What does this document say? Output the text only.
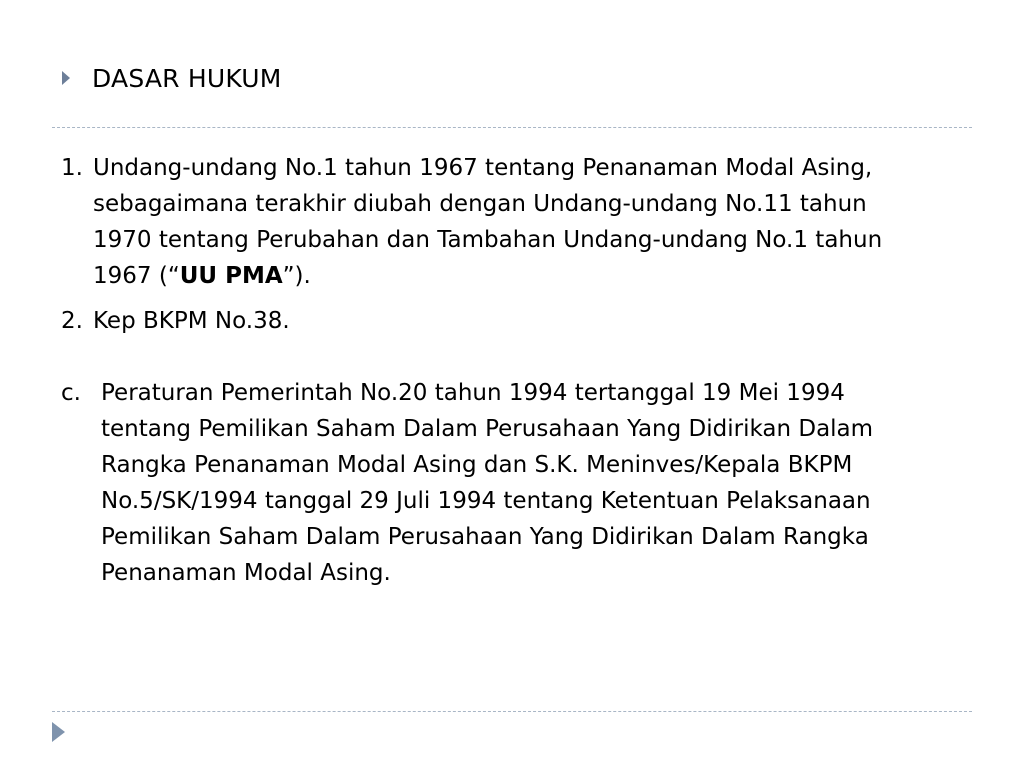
DASAR HUKUM
1. Undang-undang No.1 tahun 1967 tentang Penanaman Modal Asing, sebagaimana terakhir diubah dengan Undang-undang No.11 tahun 1970 tentang Perubahan dan Tambahan Undang-undang No.1 tahun 1967 (“UU PMA”).
2. Kep BKPM No.38.
c. Peraturan Pemerintah No.20 tahun 1994 tertanggal 19 Mei 1994 tentang Pemilikan Saham Dalam Perusahaan Yang Didirikan Dalam Rangka Penanaman Modal Asing dan S.K. Meninves/Kepala BKPM No.5/SK/1994 tanggal 29 Juli 1994 tentang Ketentuan Pelaksanaan Pemilikan Saham Dalam Perusahaan Yang Didirikan Dalam Rangka Penanaman Modal Asing.
